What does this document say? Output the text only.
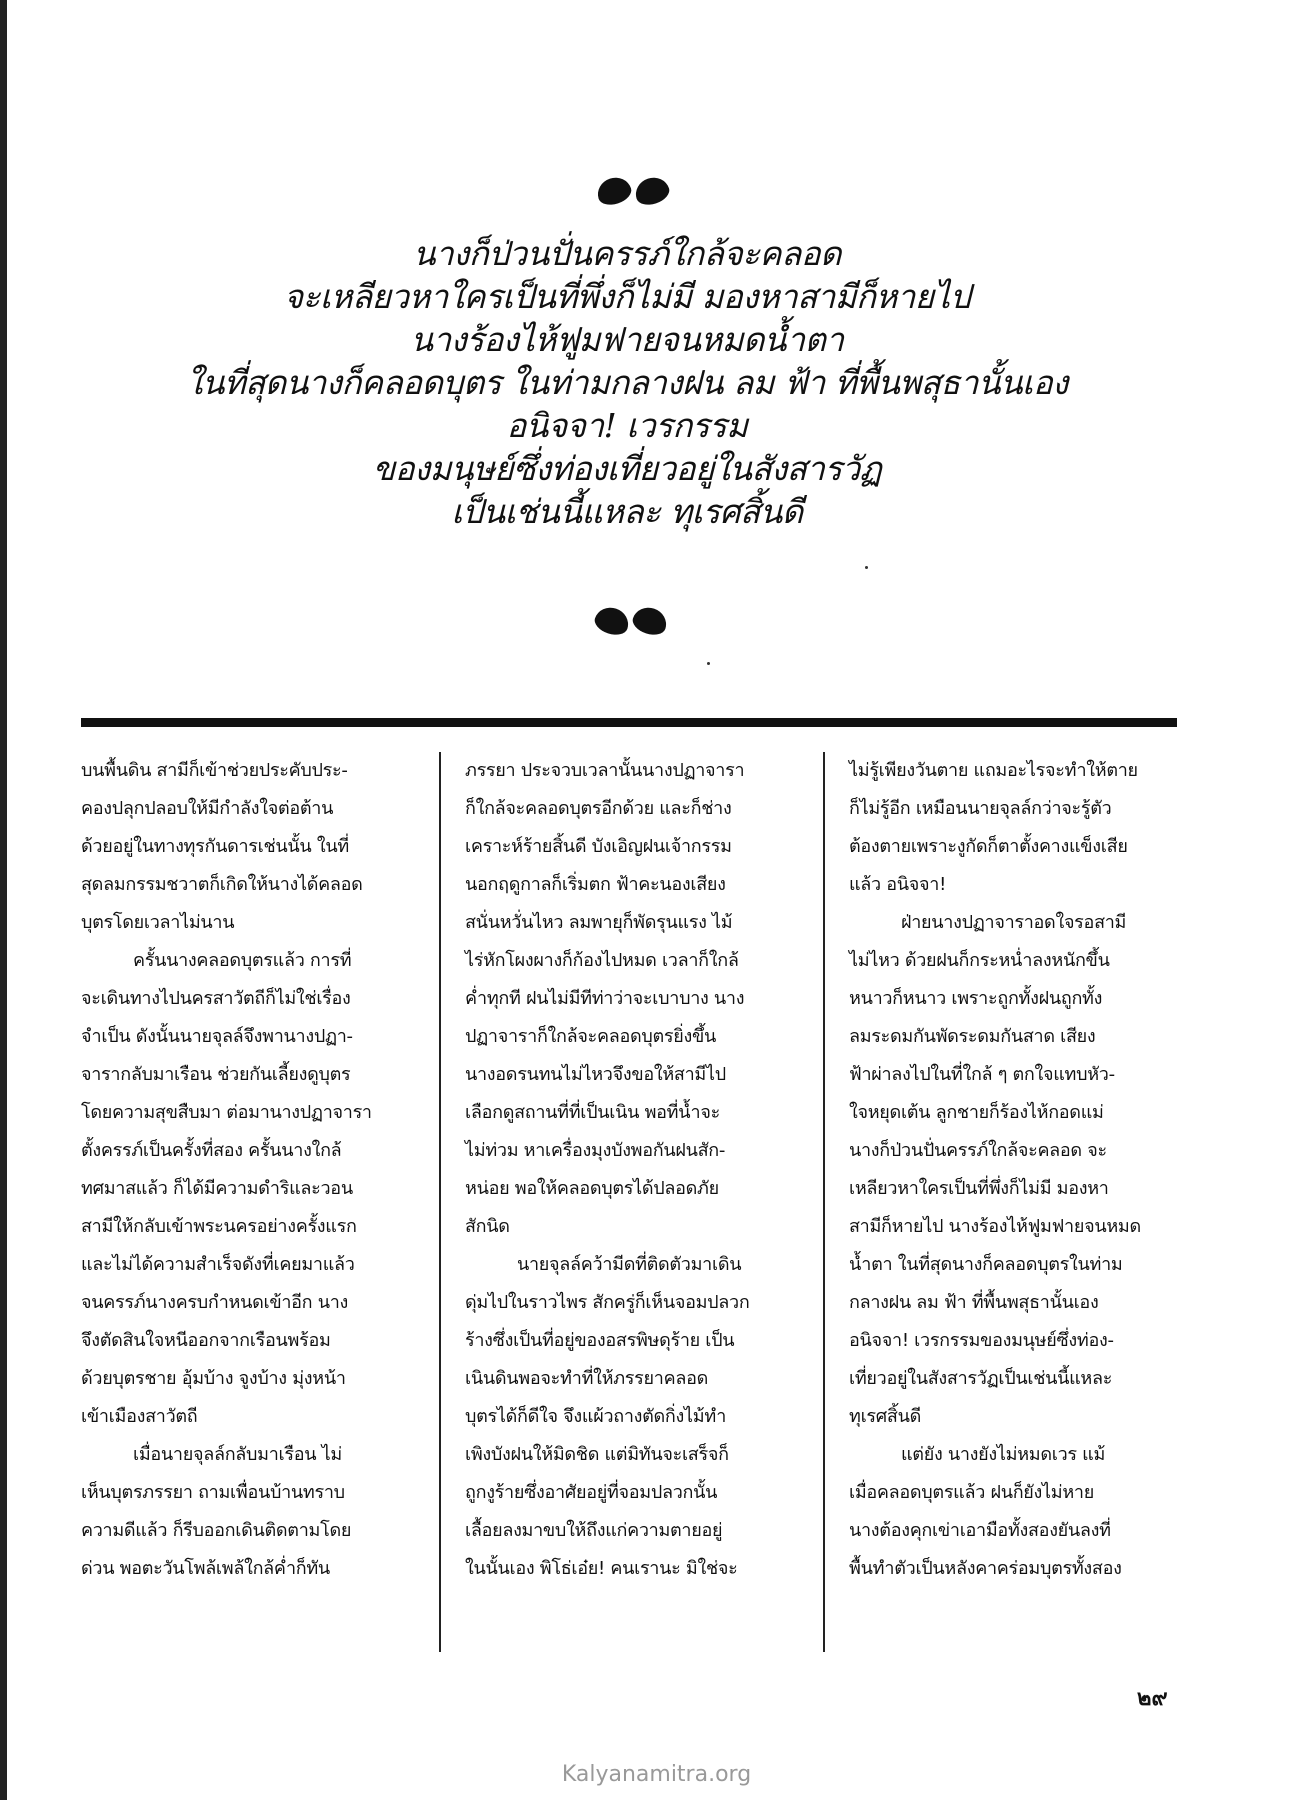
นางก็ป่วนปั่นครรภ์ใกล้จะคลอด
จะเหลียวหาใครเป็นที่พึ่งก็ไม่มี มองหาสามีก็หายไป
นางร้องไห้ฟูมฟายจนหมดน้ำตา
ในที่สุดนางก็คลอดบุตร ในท่ามกลางฝน ลม ฟ้า ที่พื้นพสุธานั้นเอง
อนิจจา! เวรกรรม
ของมนุษย์ซึ่งท่องเที่ยวอยู่ในสังสารวัฏ
เป็นเช่นนี้แหละ ทุเรศสิ้นดี
บนพื้นดิน สามีก็เข้าช่วยประคับประ-
คองปลุกปลอบให้มีกำลังใจต่อต้าน
ด้วยอยู่ในทางทุรกันดารเช่นนั้น ในที่
สุดลมกรรมชวาตก็เกิดให้นางได้คลอด
บุตรโดยเวลาไม่นาน
ครั้นนางคลอดบุตรแล้ว การที่
จะเดินทางไปนครสาวัตถีก็ไม่ใช่เรื่อง
จำเป็น ดังนั้นนายจุลล์จึงพานางปฏา-
จารากลับมาเรือน ช่วยกันเลี้ยงดูบุตร
โดยความสุขสืบมา ต่อมานางปฏาจารา
ตั้งครรภ์เป็นครั้งที่สอง ครั้นนางใกล้
ทศมาสแล้ว ก็ได้มีความดำริและวอน
สามีให้กลับเข้าพระนครอย่างครั้งแรก
และไม่ได้ความสำเร็จดังที่เคยมาแล้ว
จนครรภ์นางครบกำหนดเข้าอีก นาง
จึงตัดสินใจหนีออกจากเรือนพร้อม
ด้วยบุตรชาย อุ้มบ้าง จูงบ้าง มุ่งหน้า
เข้าเมืองสาวัตถี
เมื่อนายจุลล์กลับมาเรือน ไม่
เห็นบุตรภรรยา ถามเพื่อนบ้านทราบ
ความดีแล้ว ก็รีบออกเดินติดตามโดย
ด่วน พอตะวันโพล้เพล้ใกล้ค่ำก็ทัน
ภรรยา ประจวบเวลานั้นนางปฏาจารา
ก็ใกล้จะคลอดบุตรอีกด้วย และก็ช่าง
เคราะห์ร้ายสิ้นดี บังเอิญฝนเจ้ากรรม
นอกฤดูกาลก็เริ่มตก ฟ้าคะนองเสียง
สนั่นหวั่นไหว ลมพายุก็พัดรุนแรง ไม้
ไร่หักโผงผางก็ก้องไปหมด เวลาก็ใกล้
ค่ำทุกที ฝนไม่มีทีท่าว่าจะเบาบาง นาง
ปฏาจาราก็ใกล้จะคลอดบุตรยิ่งขึ้น
นางอดรนทนไม่ไหวจึงขอให้สามีไป
เลือกดูสถานที่ที่เป็นเนิน พอที่น้ำจะ
ไม่ท่วม หาเครื่องมุงบังพอกันฝนสัก-
หน่อย พอให้คลอดบุตรได้ปลอดภัย
สักนิด
นายจุลล์คว้ามีดที่ติดตัวมาเดิน
ดุ่มไปในราวไพร สักครู่ก็เห็นจอมปลวก
ร้างซึ่งเป็นที่อยู่ของอสรพิษดุร้าย เป็น
เนินดินพอจะทำที่ให้ภรรยาคลอด
บุตรได้ก็ดีใจ จึงแผ้วถางตัดกิ่งไม้ทำ
เพิงบังฝนให้มิดชิด แต่มิทันจะเสร็จก็
ถูกงูร้ายซึ่งอาศัยอยู่ที่จอมปลวกนั้น
เลื้อยลงมาขบให้ถึงแก่ความตายอยู่
ในนั้นเอง พิโธ่เอ๋ย! คนเรานะ มิใช่จะ
ไม่รู้เพียงวันตาย แถมอะไรจะทำให้ตาย
ก็ไม่รู้อีก เหมือนนายจุลล์กว่าจะรู้ตัว
ต้องตายเพราะงูกัดก็ตาตั้งคางแข็งเสีย
แล้ว อนิจจา!
ฝ่ายนางปฏาจาราอดใจรอสามี
ไม่ไหว ด้วยฝนก็กระหน่ำลงหนักขึ้น
หนาวก็หนาว เพราะถูกทั้งฝนถูกทั้ง
ลมระดมกันพัดระดมกันสาด เสียง
ฟ้าผ่าลงไปในที่ใกล้ ๆ ตกใจแทบหัว-
ใจหยุดเต้น ลูกชายก็ร้องไห้กอดแม่
นางก็ป่วนปั่นครรภ์ใกล้จะคลอด จะ
เหลียวหาใครเป็นที่พึ่งก็ไม่มี มองหา
สามีก็หายไป นางร้องไห้ฟูมฟายจนหมด
น้ำตา ในที่สุดนางก็คลอดบุตรในท่าม
กลางฝน ลม ฟ้า ที่พื้นพสุธานั้นเอง
อนิจจา! เวรกรรมของมนุษย์ซึ่งท่อง-
เที่ยวอยู่ในสังสารวัฏเป็นเช่นนี้แหละ
ทุเรศสิ้นดี
แต่ยัง นางยังไม่หมดเวร แม้
เมื่อคลอดบุตรแล้ว ฝนก็ยังไม่หาย
นางต้องคุกเข่าเอามือทั้งสองยันลงที่
พื้นทำตัวเป็นหลังคาคร่อมบุตรทั้งสอง
๒๙
Kalyanamitra.org
